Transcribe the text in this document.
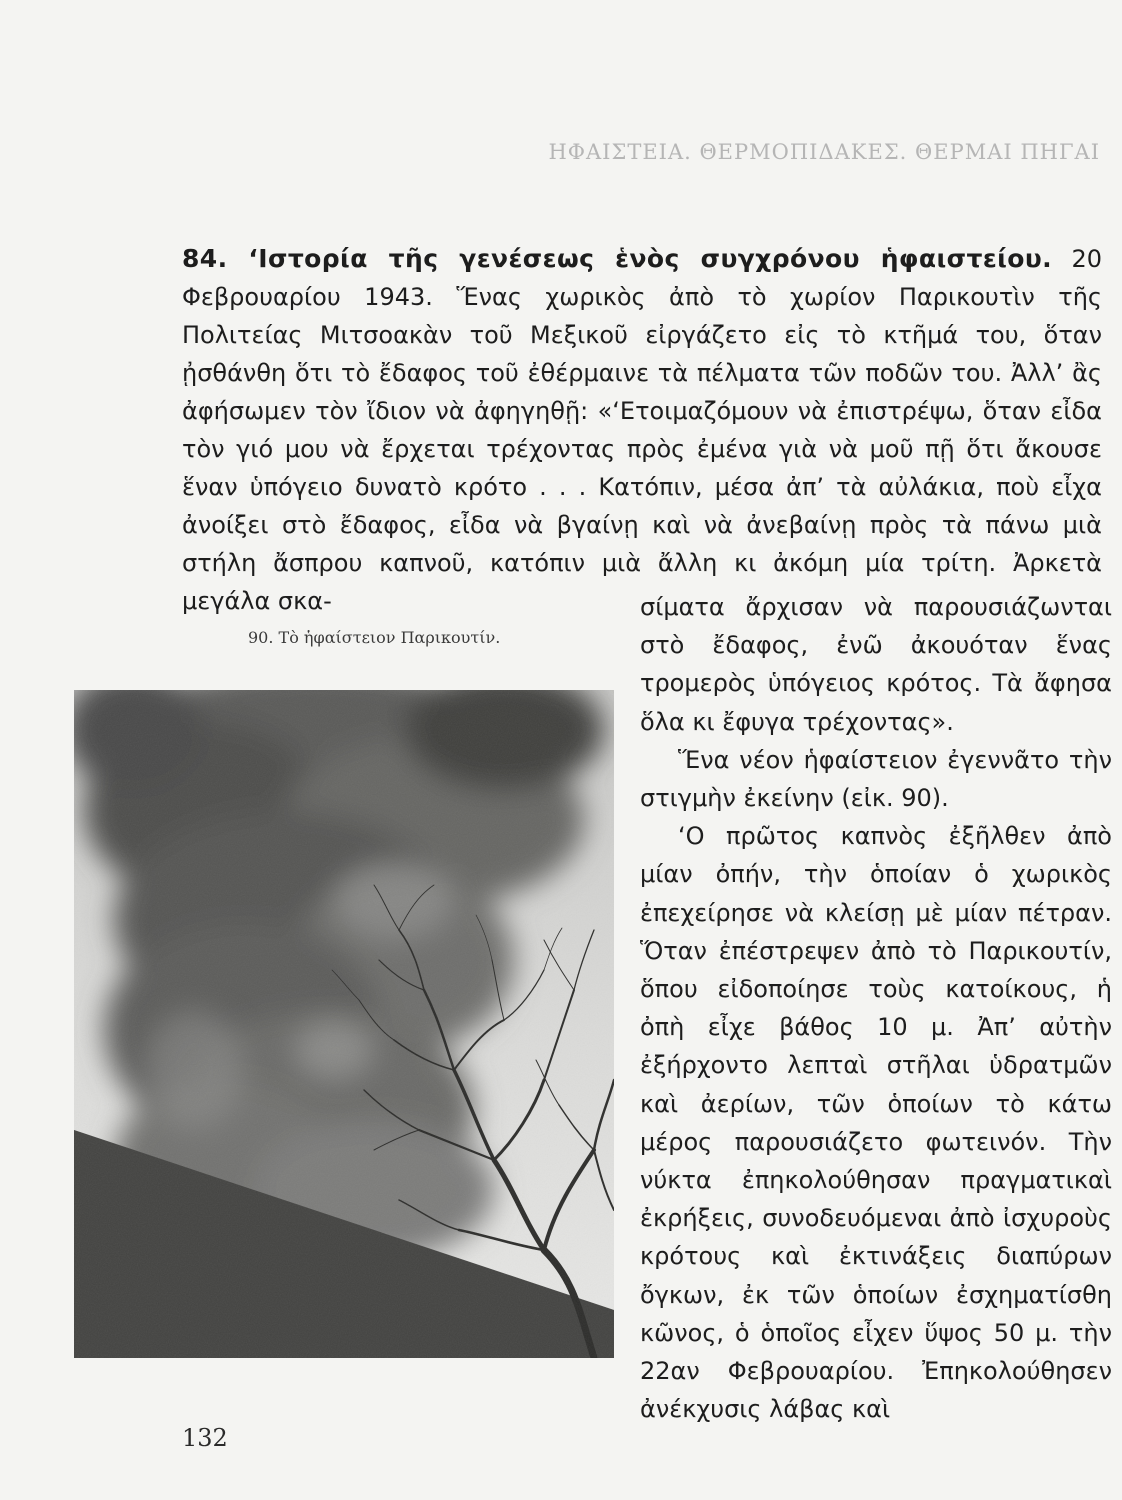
ΗΦΑΙΣΤΕΙΑ. ΘΕΡΜΟΠΙΔΑΚΕΣ. ΘΕΡΜΑΙ ΠΗΓΑΙ

84. ‘Ιστορία τῆς γενέσεως ἑνὸς συγχρόνου ἡφαιστείου. 20 Φεβρουαρίου 1943. Ἕνας χωρικὸς ἀπὸ τὸ χωρίον Παρικουτὶν τῆς Πολιτείας Μιτσοακὰν τοῦ Μεξικοῦ εἰργάζετο εἰς τὸ κτῆμά του, ὅταν ᾐσθάνθη ὅτι τὸ ἔδαφος τοῦ ἐθέρμαινε τὰ πέλματα τῶν ποδῶν του. Ἀλλ’ ἂς ἀφήσωμεν τὸν ἴδιον νὰ ἀφηγηθῇ: «‘Ετοιμαζόμουν νὰ ἐπιστρέψω, ὅταν εἶδα τὸν γιό μου νὰ ἔρχεται τρέχοντας πρὸς ἐμένα γιὰ νὰ μοῦ πῇ ὅτι ἄκουσε ἕναν ὑπόγειο δυνατὸ κρότο . . . Κατόπιν, μέσα ἀπ’ τὰ αὐλάκια, ποὺ εἶχα ἀνοίξει στὸ ἔδαφος, εἶδα νὰ βγαίνῃ καὶ νὰ ἀνεβαίνῃ πρὸς τὰ πάνω μιὰ στήλη ἄσπρου καπνοῦ, κατόπιν μιὰ ἄλλη κι ἀκόμη μία τρίτη. Ἀρκετὰ μεγάλα σκα-

90. Τὸ ἡφαίστειον Παρικουτίν.

σίματα ἄρχισαν νὰ παρουσιάζωνται στὸ ἔδαφος, ἐνῶ ἀκουόταν ἕνας τρομερὸς ὑπόγειος κρότος. Τὰ ἄφησα ὅλα κι ἔφυγα τρέχοντας».

Ἕνα νέον ἡφαίστειον ἐγεννᾶτο τὴν στιγμὴν ἐκείνην (εἰκ. 90).

‘Ο πρῶτος καπνὸς ἐξῆλθεν ἀπὸ μίαν ὀπήν, τὴν ὁποίαν ὁ χωρικὸς ἐπεχείρησε νὰ κλείσῃ μὲ μίαν πέτραν. Ὅταν ἐπέστρεψεν ἀπὸ τὸ Παρικουτίν, ὅπου εἰδοποίησε τοὺς κατοίκους, ἡ ὀπὴ εἶχε βάθος 10 μ. Ἀπ’ αὐτὴν ἐξήρχοντο λεπταὶ στῆλαι ὑδρατμῶν καὶ ἀερίων, τῶν ὁποίων τὸ κάτω μέρος παρουσιάζετο φωτεινόν. Τὴν νύκτα ἐπηκολούθησαν πραγματικαὶ ἐκρήξεις, συνοδευόμεναι ἀπὸ ἰσχυροὺς κρότους καὶ ἐκτινάξεις διαπύρων ὄγκων, ἐκ τῶν ὁποίων ἐσχηματίσθη κῶνος, ὁ ὁποῖος εἶχεν ὕψος 50 μ. τὴν 22αν Φεβρουαρίου. Ἐπηκολούθησεν ἀνέκχυσις λάβας καὶ

132
